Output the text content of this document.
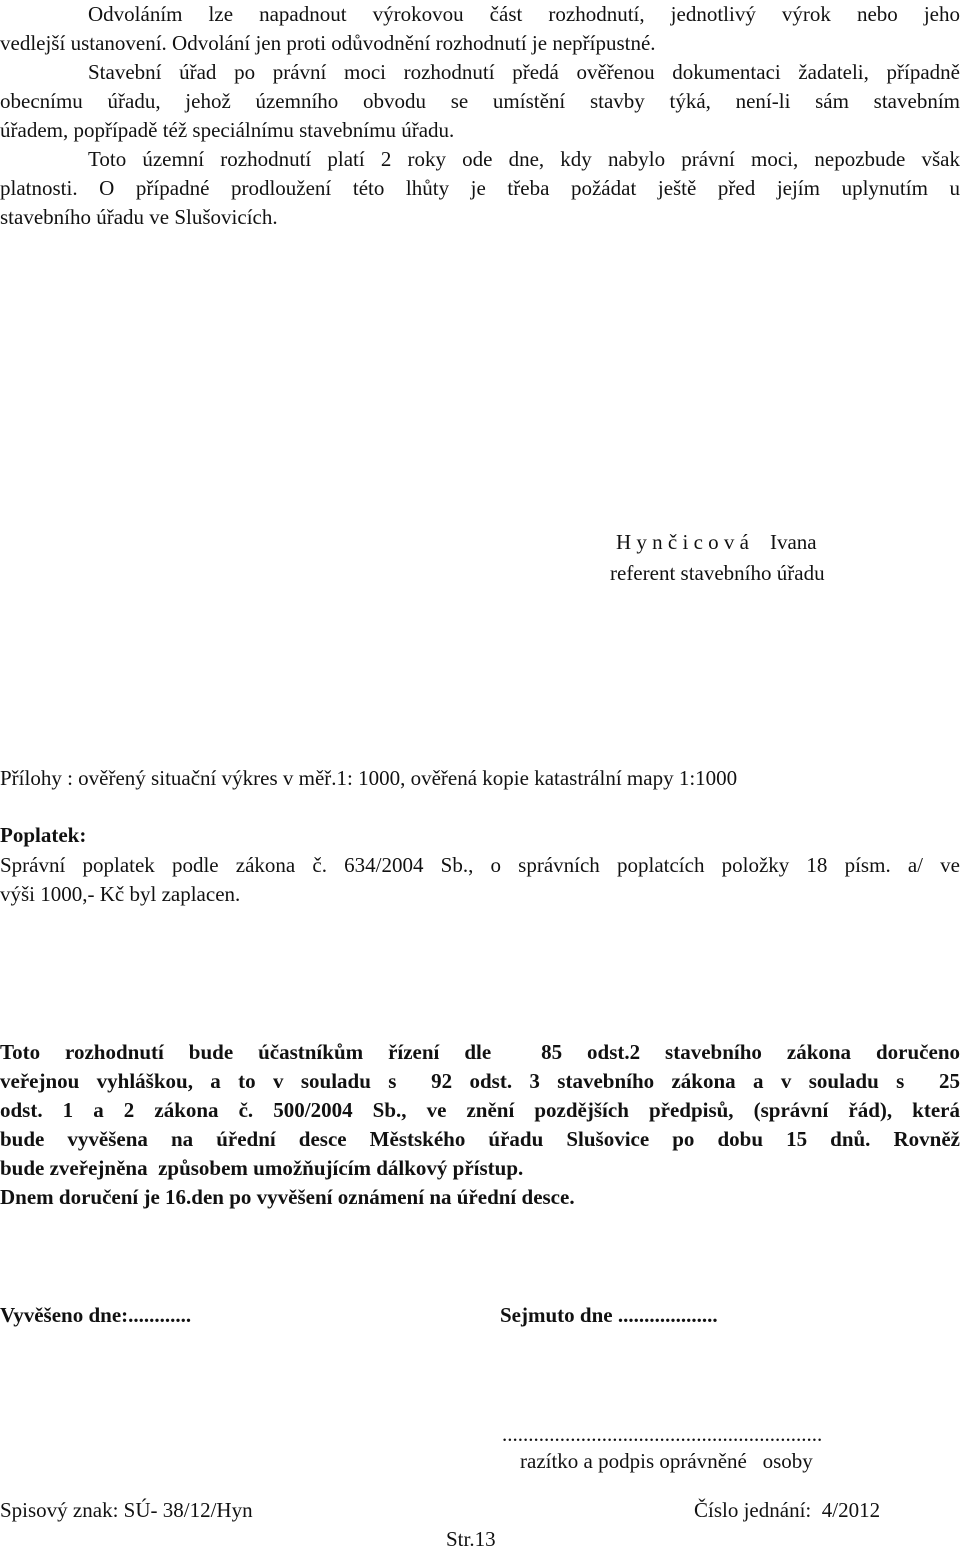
Odvoláním lze napadnout výrokovou část rozhodnutí, jednotlivý výrok nebo jeho
vedlejší ustanovení. Odvolání jen proti odůvodnění rozhodnutí je nepřípustné.
Stavební úřad po právní moci rozhodnutí předá ověřenou dokumentaci žadateli, případně
obecnímu úřadu, jehož územního obvodu se umístění stavby týká, není-li sám stavebním
úřadem, popřípadě též speciálnímu stavebnímu úřadu.
Toto územní rozhodnutí platí 2 roky ode dne, kdy nabylo právní moci, nepozbude však
platnosti. O případné prodloužení této lhůty je třeba požádat ještě před jejím uplynutím u
stavebního úřadu ve Slušovicích.
H y n č i c o v á    Ivana
referent stavebního úřadu
Přílohy : ověřený situační výkres v měř.1: 1000, ověřená kopie katastrální mapy 1:1000
Poplatek:
Správní poplatek podle zákona č. 634/2004 Sb., o správních poplatcích položky 18 písm. a/ ve
výši 1000,- Kč byl zaplacen.
Toto rozhodnutí bude účastníkům řízení dle  85 odst.2 stavebního zákona doručeno
veřejnou vyhláškou, a to v souladu s  92 odst. 3 stavebního zákona a v souladu s  25
odst. 1 a 2 zákona č. 500/2004 Sb., ve znění pozdějších předpisů, (správní řád), která
bude vyvěšena na úřední desce Městského úřadu Slušovice po dobu 15 dnů. Rovněž
bude zveřejněna  způsobem umožňujícím dálkový přístup.
Dnem doručení je 16.den po vyvěšení oznámení na úřední desce.
Vyvěšeno dne:............	Sejmuto dne ...................
.............................................................
razítko a podpis oprávněné   osoby
Spisový znak: SÚ- 38/12/Hyn	Číslo jednání:  4/2012
Str.13
